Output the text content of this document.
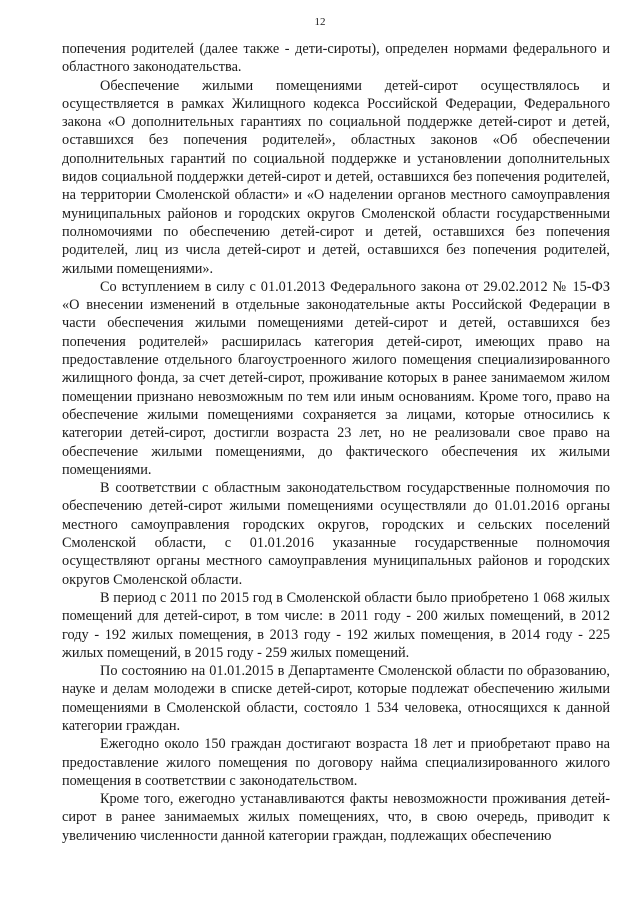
12

попечения родителей (далее также - дети-сироты), определен нормами федерального и областного законодательства.

Обеспечение жилыми помещениями детей-сирот осуществлялось и осуществляется в рамках Жилищного кодекса Российской Федерации, Федерального закона «О дополнительных гарантиях по социальной поддержке детей-сирот и детей, оставшихся без попечения родителей», областных законов «Об обеспечении дополнительных гарантий по социальной поддержке и установлении дополнительных видов социальной поддержки детей-сирот и детей, оставшихся без попечения родителей, на территории Смоленской области» и «О наделении органов местного самоуправления муниципальных районов и городских округов Смоленской области государственными полномочиями по обеспечению детей-сирот и детей, оставшихся без попечения родителей, лиц из числа детей-сирот и детей, оставшихся без попечения родителей, жилыми помещениями».

Со вступлением в силу с 01.01.2013 Федерального закона от 29.02.2012 № 15-ФЗ «О внесении изменений в отдельные законодательные акты Российской Федерации в части обеспечения жилыми помещениями детей-сирот и детей, оставшихся без попечения родителей» расширилась категория детей-сирот, имеющих право на предоставление отдельного благоустроенного жилого помещения специализированного жилищного фонда, за счет детей-сирот, проживание которых в ранее занимаемом жилом помещении признано невозможным по тем или иным основаниям. Кроме того, право на обеспечение жилыми помещениями сохраняется за лицами, которые относились к категории детей-сирот, достигли возраста 23 лет, но не реализовали свое право на обеспечение жилыми помещениями, до фактического обеспечения их жилыми помещениями.

В соответствии с областным законодательством государственные полномочия по обеспечению детей-сирот жилыми помещениями осуществляли до 01.01.2016 органы местного самоуправления городских округов, городских и сельских поселений Смоленской области, с 01.01.2016 указанные государственные полномочия осуществляют органы местного самоуправления муниципальных районов и городских округов Смоленской области.

В период с 2011 по 2015 год в Смоленской области было приобретено 1 068 жилых помещений для детей-сирот, в том числе: в 2011 году - 200 жилых помещений, в 2012 году - 192 жилых помещения, в 2013 году - 192 жилых помещения, в 2014 году - 225 жилых помещений, в 2015 году - 259 жилых помещений.

По состоянию на 01.01.2015 в Департаменте Смоленской области по образованию, науке и делам молодежи в списке детей-сирот, которые подлежат обеспечению жилыми помещениями в Смоленской области, состояло 1 534 человека, относящихся к данной категории граждан.

Ежегодно около 150 граждан достигают возраста 18 лет и приобретают право на предоставление жилого помещения по договору найма специализированного жилого помещения в соответствии с законодательством.

Кроме того, ежегодно устанавливаются факты невозможности проживания детей-сирот в ранее занимаемых жилых помещениях, что, в свою очередь, приводит к увеличению численности данной категории граждан, подлежащих обеспечению
